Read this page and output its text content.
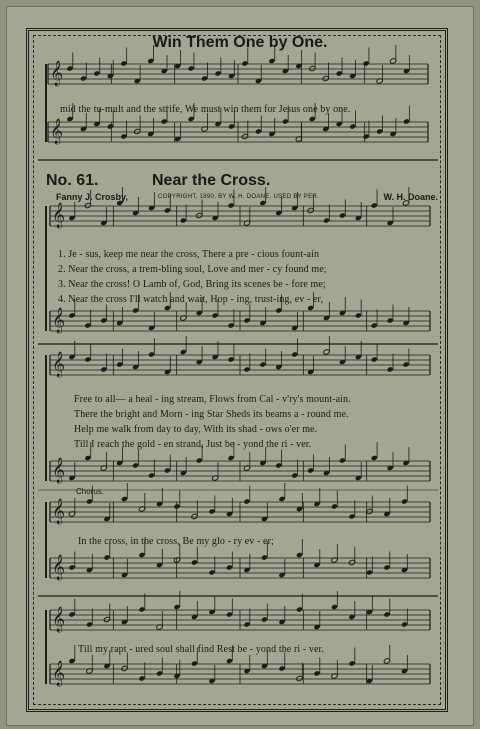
Win Them One by One.
𝄞
𝄞
𝄞
𝄞
𝄞
𝄞
𝄞
𝄞
𝄞
𝄞
mid the tu-mult and the strife, We must win them for Jesus one by one.
No. 61.	Near the Cross.
Fanny J. Crosby,	COPYRIGHT, 1890, BY W. H. DOANE. USED BY PER.	W. H. Doane.
1. Je - sus, keep me near the cross, There a pre - cious fount-ain
2. Near the cross, a trem-bling soul, Love and mer - cy found me;
3. Near the cross! O Lamb of, God, Bring its scenes be - fore me;
4. Near the cross I'll watch and wait, Hop - ing, trust-ing, ev - er,
Free to all— a heal - ing stream, Flows from Cal - v'ry's mount-ain.
There the bright and Morn - ing Star Sheds its beams a - round me.
Help me walk from day to day, With its shad - ows o'er me.
Till I reach the gold - en strand, Just be - yond the ri - ver.
Chorus.
In the cross, in the cross, Be my glo - ry ev - er;
Till my rapt - ured soul shall find Rest be - yond the ri - ver.
